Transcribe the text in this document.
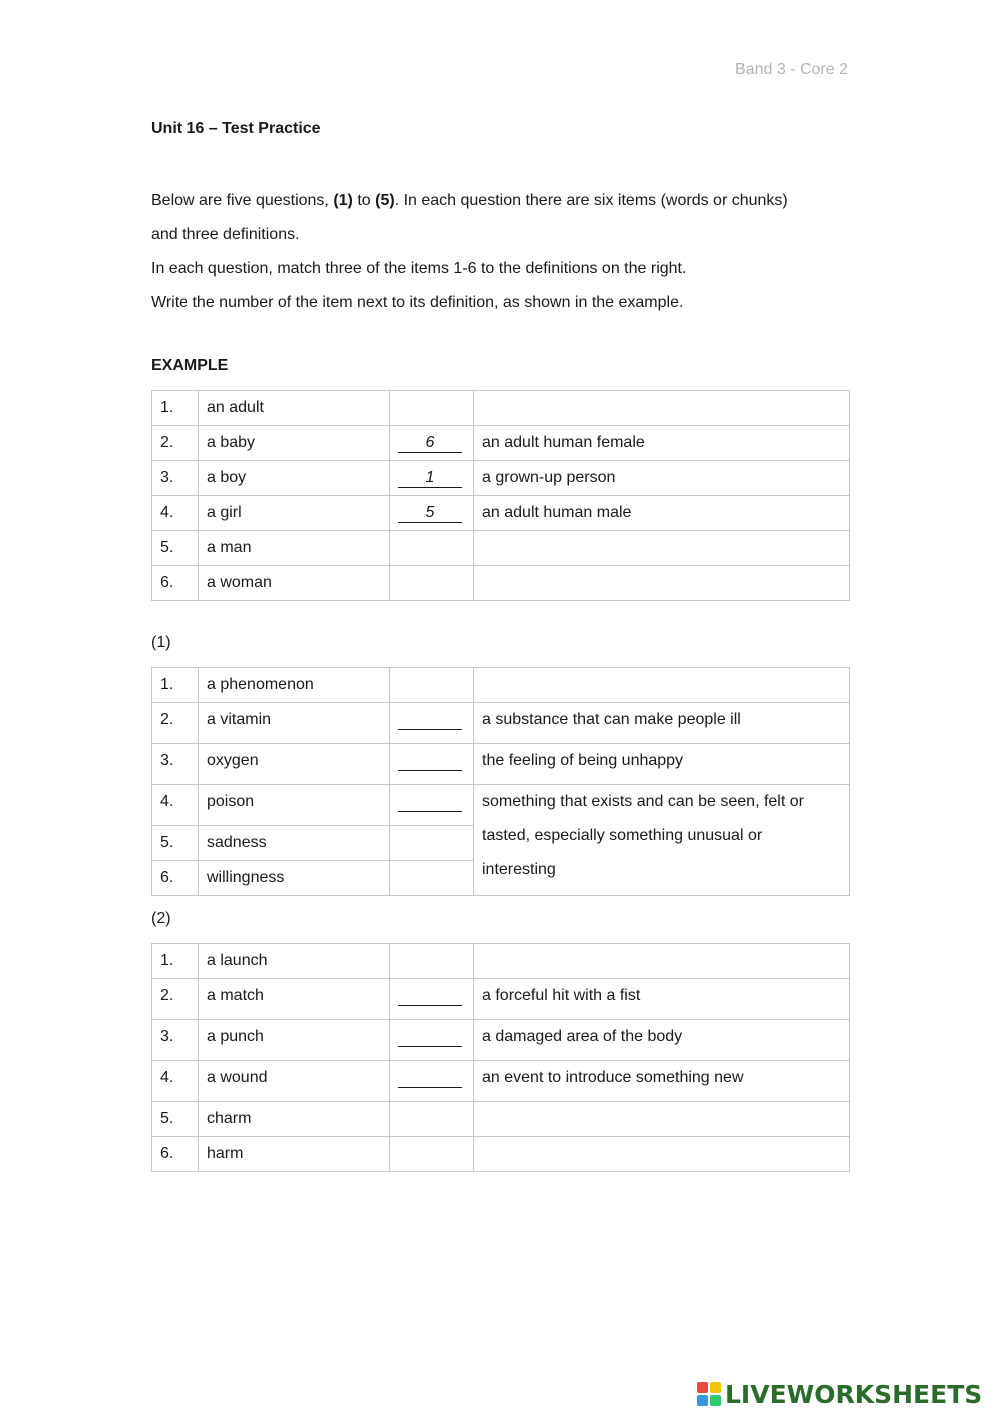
Band 3 - Core 2
Unit 16 – Test Practice

Below are five questions, (1) to (5). In each question there are six items (words or chunks)

and three definitions.

In each question, match three of the items 1-6 to the definitions on the right.

Write the number of the item next to its definition, as shown in the example.

EXAMPLE
1.	an adult		
2.	a baby	6	an adult human female
3.	a boy	1	a grown-up person
4.	a girl	5	an adult human male
5.	a man		
6.	a woman		
(1)
1.	a phenomenon		
2.	a vitamin		a substance that can make people ill
3.	oxygen		the feeling of being unhappy
4.	poison		something that exists and can be seen, felt or
tasted, especially something unusual or
interesting

5.	sadness		
6.	willingness		
(2)
1.	a launch		
2.	a match		a forceful hit with a fist
3.	a punch		a damaged area of the body
4.	a wound		an event to introduce something new
5.	charm		
6.	harm		
LIVEWORKSHEETS
